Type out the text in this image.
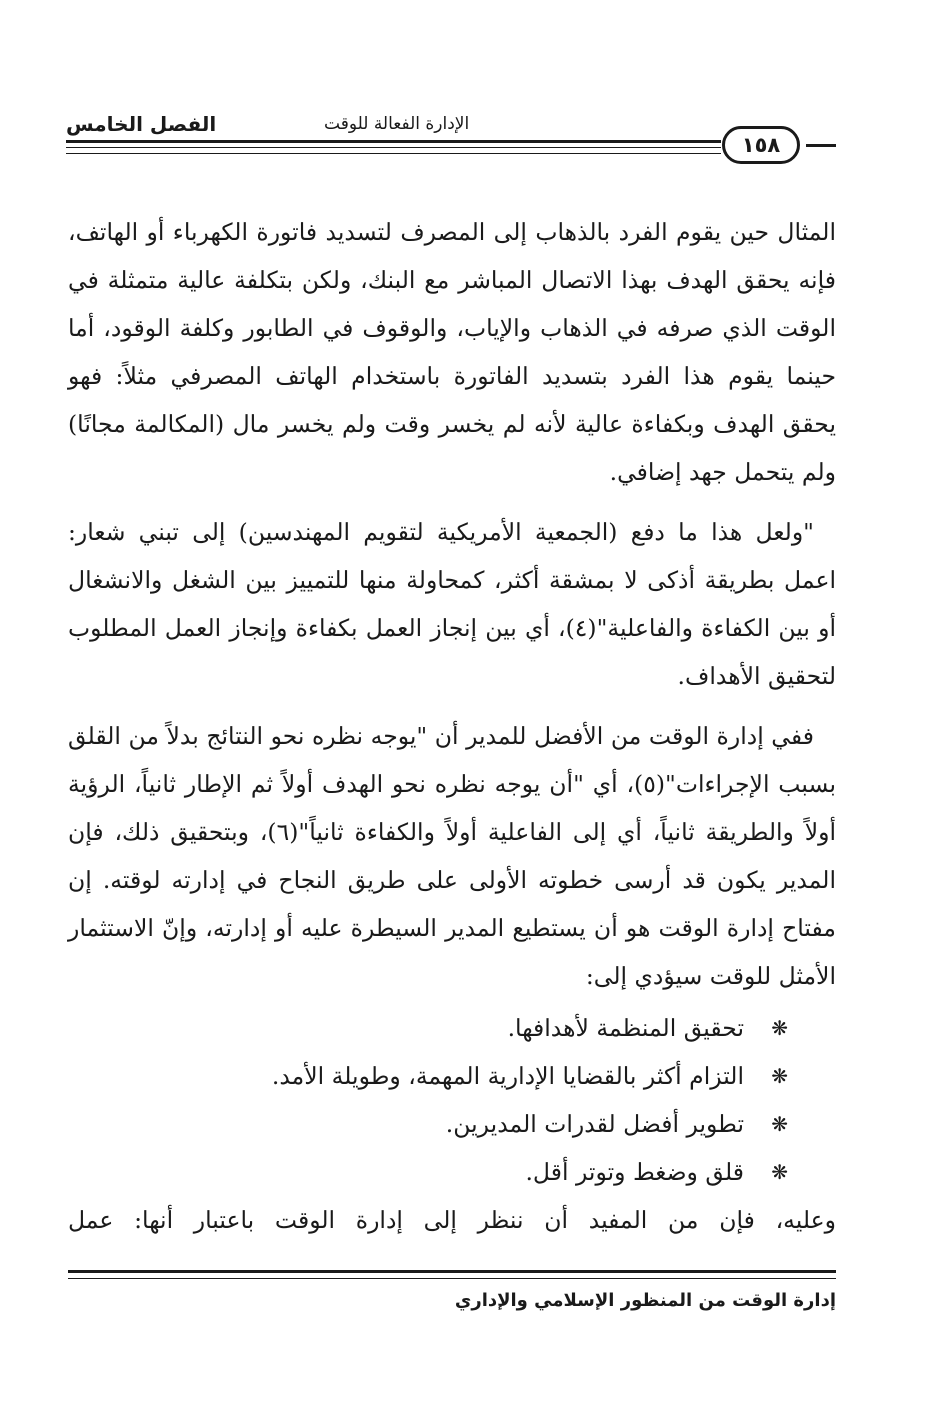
الفصل الخامس	الإدارة الفعالة للوقت
١٥٨

المثال حين يقوم الفرد بالذهاب إلى المصرف لتسديد فاتورة الكهرباء أو الهاتف، فإنه يحقق الهدف بهذا الاتصال المباشر مع البنك، ولكن بتكلفة عالية متمثلة في الوقت الذي صرفه في الذهاب والإياب، والوقوف في الطابور وكلفة الوقود، أما حينما يقوم هذا الفرد بتسديد الفاتورة باستخدام الهاتف المصرفي مثلاً: فهو يحقق الهدف وبكفاءة عالية لأنه لم يخسر وقت ولم يخسر مال (المكالمة مجانًا) ولم يتحمل جهد إضافي.

"ولعل هذا ما دفع (الجمعية الأمريكية لتقويم المهندسين) إلى تبني شعار: اعمل بطريقة أذكى لا بمشقة أكثر، كمحاولة منها للتمييز بين الشغل والانشغال أو بين الكفاءة والفاعلية"(٤)، أي بين إنجاز العمل بكفاءة وإنجاز العمل المطلوب لتحقيق الأهداف.

ففي إدارة الوقت من الأفضل للمدير أن "يوجه نظره نحو النتائج بدلاً من القلق بسبب الإجراءات"(٥)، أي "أن يوجه نظره نحو الهدف أولاً ثم الإطار ثانياً، الرؤية أولاً والطريقة ثانياً، أي إلى الفاعلية أولاً والكفاءة ثانياً"(٦)، وبتحقيق ذلك، فإن المدير يكون قد أرسى خطوته الأولى على طريق النجاح في إدارته لوقته. إن مفتاح إدارة الوقت هو أن يستطيع المدير السيطرة عليه أو إدارته، وإنّ الاستثمار الأمثل للوقت سيؤدي إلى:

❋
تحقيق المنظمة لأهدافها.
❋
التزام أكثر بالقضايا الإدارية المهمة، وطويلة الأمد.
❋
تطوير أفضل لقدرات المديرين.
❋
قلق وضغط وتوتر أقل.

وعليه، فإن من المفيد أن ننظر إلى إدارة الوقت باعتبار أنها: عمل

إدارة الوقت من المنظور الإسلامي والإداري
